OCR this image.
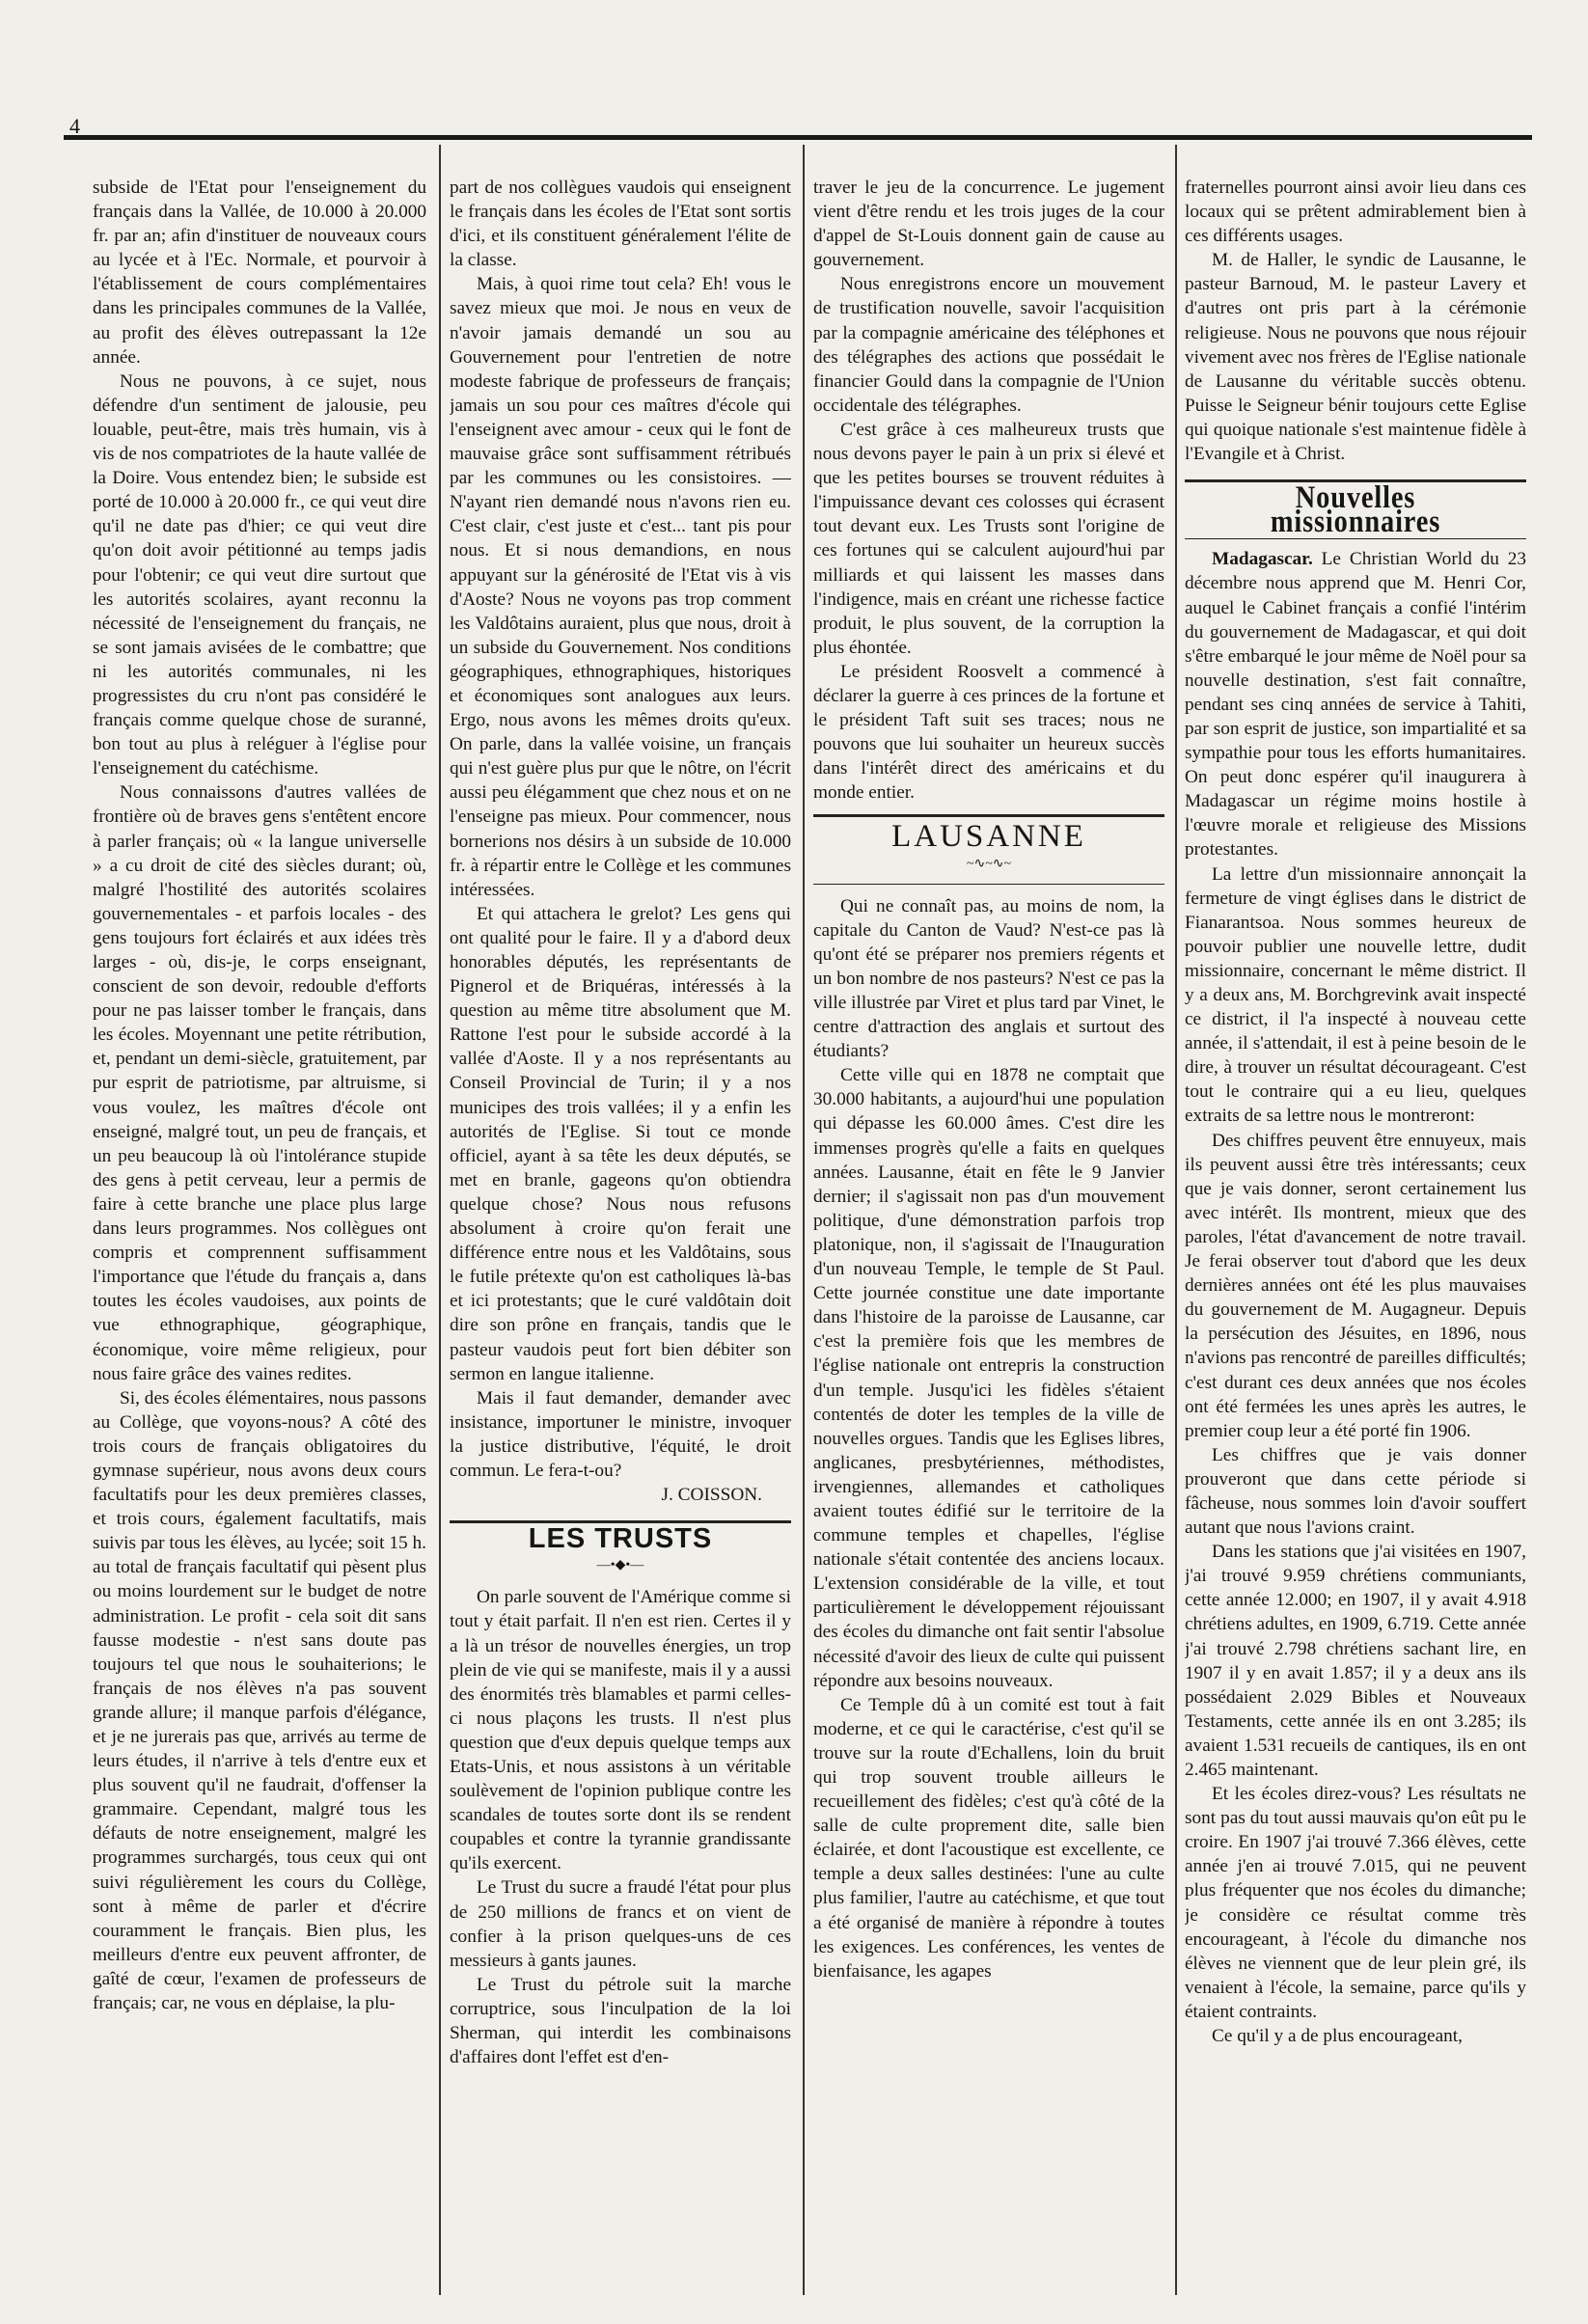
4

subside de l'Etat pour l'enseignement du français dans la Vallée, de 10.000 à 20.000 fr. par an; afin d'instituer de nouveaux cours au lycée et à l'Ec. Normale, et pourvoir à l'établissement de cours complémentaires dans les principales communes de la Vallée, au profit des élèves outrepassant la 12e année.

Nous ne pouvons, à ce sujet, nous défendre d'un sentiment de jalousie, peu louable, peut-être, mais très humain, vis à vis de nos compatriotes de la haute vallée de la Doire. Vous entendez bien; le subside est porté de 10.000 à 20.000 fr., ce qui veut dire qu'il ne date pas d'hier; ce qui veut dire qu'on doit avoir pétitionné au temps jadis pour l'obtenir; ce qui veut dire surtout que les autorités scolaires, ayant reconnu la nécessité de l'enseignement du français, ne se sont jamais avisées de le combattre; que ni les autorités communales, ni les progressistes du cru n'ont pas considéré le français comme quelque chose de suranné, bon tout au plus à reléguer à l'église pour l'enseignement du catéchisme.

Nous connaissons d'autres vallées de frontière où de braves gens s'entêtent encore à parler français; où « la langue universelle » a cu droit de cité des siècles durant; où, malgré l'hostilité des autorités scolaires gouvernementales - et parfois locales - des gens toujours fort éclairés et aux idées très larges - où, dis-je, le corps enseignant, conscient de son devoir, redouble d'efforts pour ne pas laisser tomber le français, dans les écoles. Moyennant une petite rétribution, et, pendant un demi-siècle, gratuitement, par pur esprit de patriotisme, par altruisme, si vous voulez, les maîtres d'école ont enseigné, malgré tout, un peu de français, et un peu beaucoup là où l'intolérance stupide des gens à petit cerveau, leur a permis de faire à cette branche une place plus large dans leurs programmes. Nos collègues ont compris et comprennent suffisamment l'importance que l'étude du français a, dans toutes les écoles vaudoises, aux points de vue ethnographique, géographique, économique, voire même religieux, pour nous faire grâce des vaines redites.

Si, des écoles élémentaires, nous passons au Collège, que voyons-nous? A côté des trois cours de français obligatoires du gymnase supérieur, nous avons deux cours facultatifs pour les deux premières classes, et trois cours, également facultatifs, mais suivis par tous les élèves, au lycée; soit 15 h. au total de français facultatif qui pèsent plus ou moins lourdement sur le budget de notre administration. Le profit - cela soit dit sans fausse modestie - n'est sans doute pas toujours tel que nous le souhaiterions; le français de nos élèves n'a pas souvent grande allure; il manque parfois d'élégance, et je ne jurerais pas que, arrivés au terme de leurs études, il n'arrive à tels d'entre eux et plus souvent qu'il ne faudrait, d'offenser la grammaire. Cependant, malgré tous les défauts de notre enseignement, malgré les programmes surchargés, tous ceux qui ont suivi régulièrement les cours du Collège, sont à même de parler et d'écrire couramment le français. Bien plus, les meilleurs d'entre eux peuvent affronter, de gaîté de cœur, l'examen de professeurs de français; car, ne vous en déplaise, la plu-

part de nos collègues vaudois qui enseignent le français dans les écoles de l'Etat sont sortis d'ici, et ils constituent généralement l'élite de la classe.

Mais, à quoi rime tout cela? Eh! vous le savez mieux que moi. Je nous en veux de n'avoir jamais demandé un sou au Gouvernement pour l'entretien de notre modeste fabrique de professeurs de français; jamais un sou pour ces maîtres d'école qui l'enseignent avec amour - ceux qui le font de mauvaise grâce sont suffisamment rétribués par les communes ou les consistoires. — N'ayant rien demandé nous n'avons rien eu. C'est clair, c'est juste et c'est... tant pis pour nous. Et si nous demandions, en nous appuyant sur la générosité de l'Etat vis à vis d'Aoste? Nous ne voyons pas trop comment les Valdôtains auraient, plus que nous, droit à un subside du Gouvernement. Nos conditions géographiques, ethnographiques, historiques et économiques sont analogues aux leurs. Ergo, nous avons les mêmes droits qu'eux. On parle, dans la vallée voisine, un français qui n'est guère plus pur que le nôtre, on l'écrit aussi peu élégamment que chez nous et on ne l'enseigne pas mieux. Pour commencer, nous bornerions nos désirs à un subside de 10.000 fr. à répartir entre le Collège et les communes intéressées.

Et qui attachera le grelot? Les gens qui ont qualité pour le faire. Il y a d'abord deux honorables députés, les représentants de Pignerol et de Briquéras, intéressés à la question au même titre absolument que M. Rattone l'est pour le subside accordé à la vallée d'Aoste. Il y a nos représentants au Conseil Provincial de Turin; il y a nos municipes des trois vallées; il y a enfin les autorités de l'Eglise. Si tout ce monde officiel, ayant à sa tête les deux députés, se met en branle, gageons qu'on obtiendra quelque chose? Nous nous refusons absolument à croire qu'on ferait une différence entre nous et les Valdôtains, sous le futile prétexte qu'on est catholiques là-bas et ici protestants; que le curé valdôtain doit dire son prône en français, tandis que le pasteur vaudois peut fort bien débiter son sermon en langue italienne.

Mais il faut demander, demander avec insistance, importuner le ministre, invoquer la justice distributive, l'équité, le droit commun. Le fera-t-ou?

J. COISSON.
LES TRUSTS
—•◆•—

On parle souvent de l'Amérique comme si tout y était parfait. Il n'en est rien. Certes il y a là un trésor de nouvelles énergies, un trop plein de vie qui se manifeste, mais il y a aussi des énormités très blamables et parmi celles-ci nous plaçons les trusts. Il n'est plus question que d'eux depuis quelque temps aux Etats-Unis, et nous assistons à un véritable soulèvement de l'opinion publique contre les scandales de toutes sorte dont ils se rendent coupables et contre la tyrannie grandissante qu'ils exercent.

Le Trust du sucre a fraudé l'état pour plus de 250 millions de francs et on vient de confier à la prison quelques-uns de ces messieurs à gants jaunes.

Le Trust du pétrole suit la marche corruptrice, sous l'inculpation de la loi Sherman, qui interdit les combinaisons d'affaires dont l'effet est d'en-

traver le jeu de la concurrence. Le jugement vient d'être rendu et les trois juges de la cour d'appel de St-Louis donnent gain de cause au gouvernement.

Nous enregistrons encore un mouvement de trustification nouvelle, savoir l'acquisition par la compagnie américaine des téléphones et des télégraphes des actions que possédait le financier Gould dans la compagnie de l'Union occidentale des télégraphes.

C'est grâce à ces malheureux trusts que nous devons payer le pain à un prix si élevé et que les petites bourses se trouvent réduites à l'impuissance devant ces colosses qui écrasent tout devant eux. Les Trusts sont l'origine de ces fortunes qui se calculent aujourd'hui par milliards et qui laissent les masses dans l'indigence, mais en créant une richesse factice produit, le plus souvent, de la corruption la plus éhontée.

Le président Roosvelt a commencé à déclarer la guerre à ces princes de la fortune et le président Taft suit ses traces; nous ne pouvons que lui souhaiter un heureux succès dans l'intérêt direct des américains et du monde entier.

LAUSANNE
~∿~∿~

Qui ne connaît pas, au moins de nom, la capitale du Canton de Vaud? N'est-ce pas là qu'ont été se préparer nos premiers régents et un bon nombre de nos pasteurs? N'est ce pas la ville illustrée par Viret et plus tard par Vinet, le centre d'attraction des anglais et surtout des étudiants?

Cette ville qui en 1878 ne comptait que 30.000 habitants, a aujourd'hui une population qui dépasse les 60.000 âmes. C'est dire les immenses progrès qu'elle a faits en quelques années. Lausanne, était en fête le 9 Janvier dernier; il s'agissait non pas d'un mouvement politique, d'une démonstration parfois trop platonique, non, il s'agissait de l'Inauguration d'un nouveau Temple, le temple de St Paul. Cette journée constitue une date importante dans l'histoire de la paroisse de Lausanne, car c'est la première fois que les membres de l'église nationale ont entrepris la construction d'un temple. Jusqu'ici les fidèles s'étaient contentés de doter les temples de la ville de nouvelles orgues. Tandis que les Eglises libres, anglicanes, presbytériennes, méthodistes, irvengiennes, allemandes et catholiques avaient toutes édifié sur le territoire de la commune temples et chapelles, l'église nationale s'était contentée des anciens locaux. L'extension considérable de la ville, et tout particulièrement le développement réjouissant des écoles du dimanche ont fait sentir l'absolue nécessité d'avoir des lieux de culte qui puissent répondre aux besoins nouveaux.

Ce Temple dû à un comité est tout à fait moderne, et ce qui le caractérise, c'est qu'il se trouve sur la route d'Echallens, loin du bruit qui trop souvent trouble ailleurs le recueillement des fidèles; c'est qu'à côté de la salle de culte proprement dite, salle bien éclairée, et dont l'acoustique est excellente, ce temple a deux salles destinées: l'une au culte plus familier, l'autre au catéchisme, et que tout a été organisé de manière à répondre à toutes les exigences. Les conférences, les ventes de bienfaisance, les agapes

fraternelles pourront ainsi avoir lieu dans ces locaux qui se prêtent admirablement bien à ces différents usages.

M. de Haller, le syndic de Lausanne, le pasteur Barnoud, M. le pasteur Lavery et d'autres ont pris part à la cérémonie religieuse. Nous ne pouvons que nous réjouir vivement avec nos frères de l'Eglise nationale de Lausanne du véritable succès obtenu. Puisse le Seigneur bénir toujours cette Eglise qui quoique nationale s'est maintenue fidèle à l'Evangile et à Christ.

Nouvelles missionnaires

Madagascar. Le Christian World du 23 décembre nous apprend que M. Henri Cor, auquel le Cabinet français a confié l'intérim du gouvernement de Madagascar, et qui doit s'être embarqué le jour même de Noël pour sa nouvelle destination, s'est fait connaître, pendant ses cinq années de service à Tahiti, par son esprit de justice, son impartialité et sa sympathie pour tous les efforts humanitaires. On peut donc espérer qu'il inaugurera à Madagascar un régime moins hostile à l'œuvre morale et religieuse des Missions protestantes.

La lettre d'un missionnaire annonçait la fermeture de vingt églises dans le district de Fianarantsoa. Nous sommes heureux de pouvoir publier une nouvelle lettre, dudit missionnaire, concernant le même district. Il y a deux ans, M. Borchgrevink avait inspecté ce district, il l'a inspecté à nouveau cette année, il s'attendait, il est à peine besoin de le dire, à trouver un résultat décourageant. C'est tout le contraire qui a eu lieu, quelques extraits de sa lettre nous le montreront:

Des chiffres peuvent être ennuyeux, mais ils peuvent aussi être très intéressants; ceux que je vais donner, seront certainement lus avec intérêt. Ils montrent, mieux que des paroles, l'état d'avancement de notre travail. Je ferai observer tout d'abord que les deux dernières années ont été les plus mauvaises du gouvernement de M. Augagneur. Depuis la persécution des Jésuites, en 1896, nous n'avions pas rencontré de pareilles difficultés; c'est durant ces deux années que nos écoles ont été fermées les unes après les autres, le premier coup leur a été porté fin 1906.

Les chiffres que je vais donner prouveront que dans cette période si fâcheuse, nous sommes loin d'avoir souffert autant que nous l'avions craint.

Dans les stations que j'ai visitées en 1907, j'ai trouvé 9.959 chrétiens communiants, cette année 12.000; en 1907, il y avait 4.918 chrétiens adultes, en 1909, 6.719. Cette année j'ai trouvé 2.798 chrétiens sachant lire, en 1907 il y en avait 1.857; il y a deux ans ils possédaient 2.029 Bibles et Nouveaux Testaments, cette année ils en ont 3.285; ils avaient 1.531 recueils de cantiques, ils en ont 2.465 maintenant.

Et les écoles direz-vous? Les résultats ne sont pas du tout aussi mauvais qu'on eût pu le croire. En 1907 j'ai trouvé 7.366 élèves, cette année j'en ai trouvé 7.015, qui ne peuvent plus fréquenter que nos écoles du dimanche; je considère ce résultat comme très encourageant, à l'école du dimanche nos élèves ne viennent que de leur plein gré, ils venaient à l'école, la semaine, parce qu'ils y étaient contraints.

Ce qu'il y a de plus encourageant,
